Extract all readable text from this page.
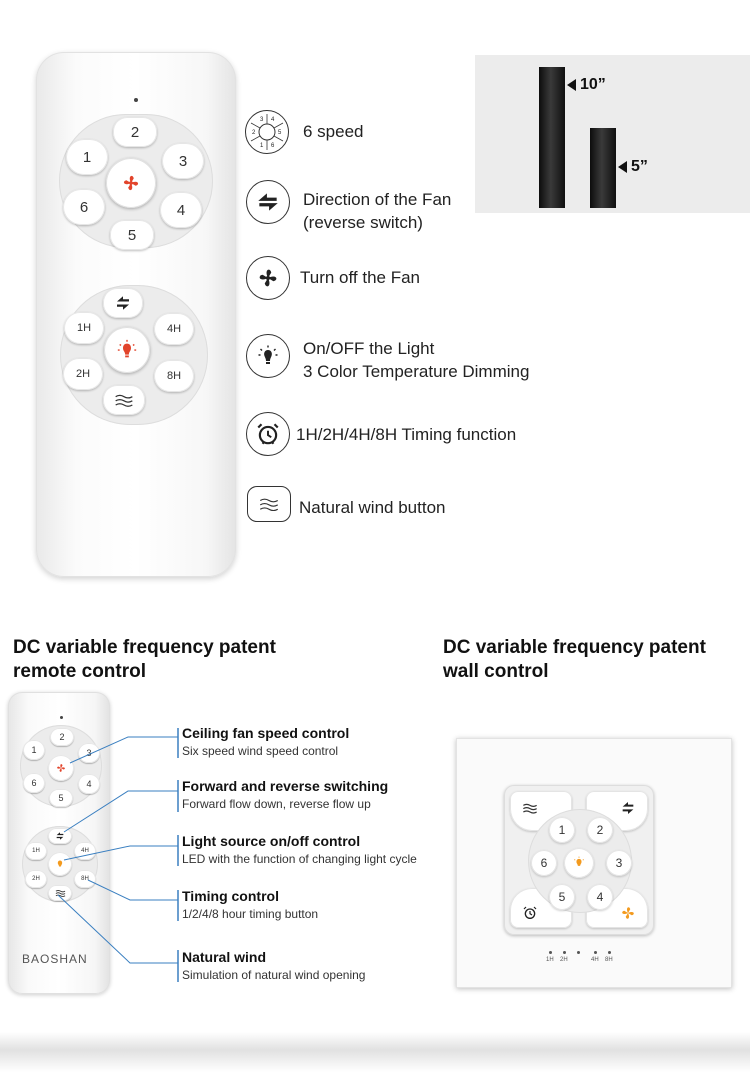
2
1	3
6	4
5
1H	4H
2H	8H
3 4
2	5
1 6
6 speed
Direction of the Fan
(reverse switch)
Turn off the Fan
On/OFF the Light
3 Color Temperature Dimming
1H/2H/4H/8H Timing function
Natural wind button
10”
5”
DC variable frequency patent
remote control
DC variable frequency patent
wall control
2
1	3
6	4
5
1H	4H
2H	8H
BAOSHAN
Ceiling fan speed control
Six speed wind speed control
Forward and reverse switching
Forward flow down, reverse flow up
Light source on/off control
LED with the function of changing light cycle
Timing control
1/2/4/8 hour timing button
Natural wind
Simulation of natural wind opening
1	2
6	3
5	4
1H 2H	4H 8H
